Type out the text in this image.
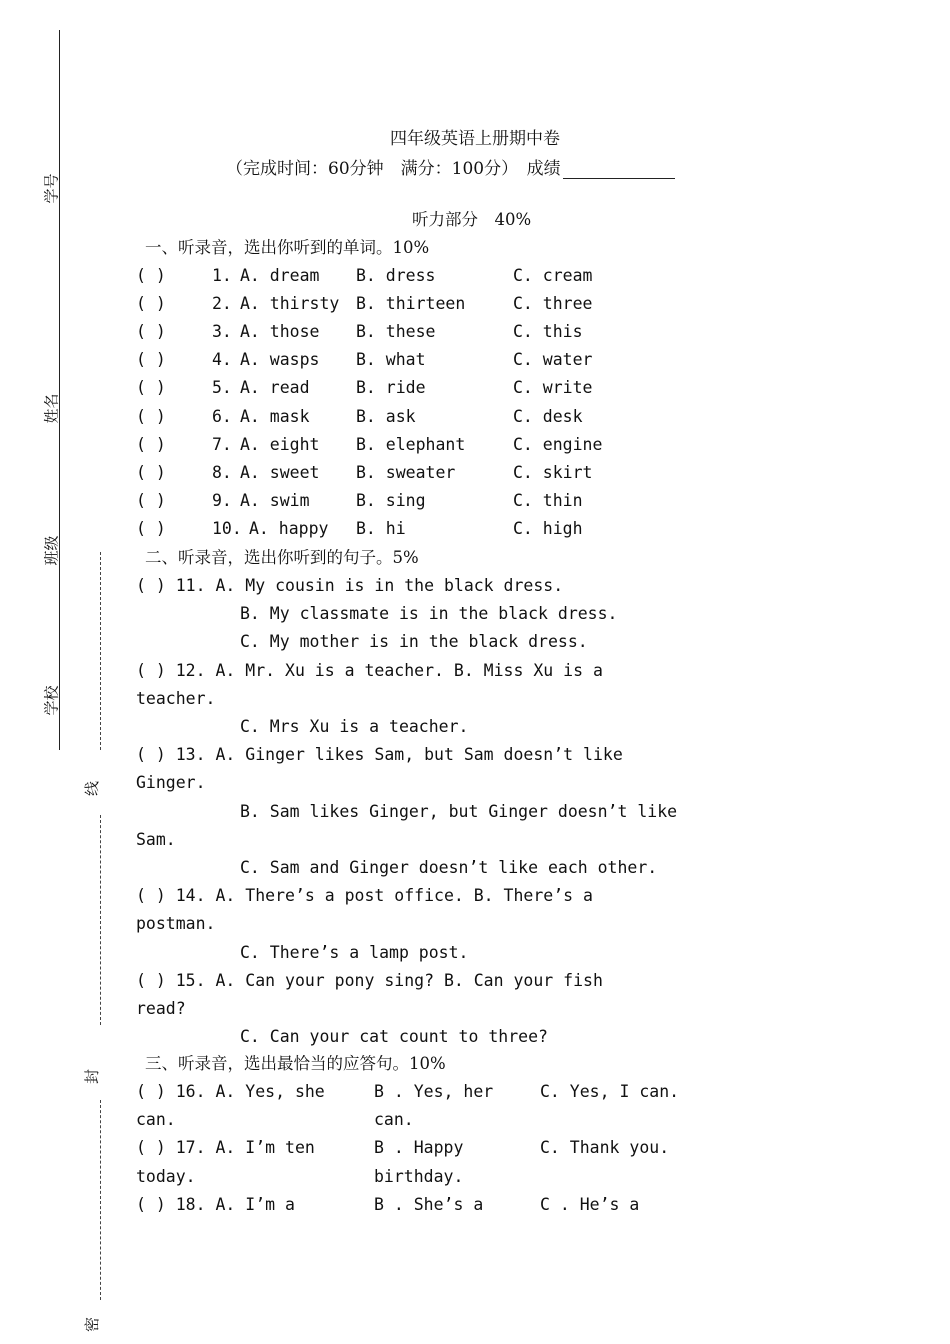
学号
姓名
班级
学校
线
封
密
四年级英语上册期中卷
（完成时间：60分钟　满分：100分）　成绩
听力部分　40%
一、听录音，选出你听到的单词。10%
( )	1. A. dream B. dress	C. cream
( )	2. A. thirsty B. thirteen	C. three
( )	3. A. those B. these	C. this
( )	4. A. wasps B. what	C. water
( )	5. A. read	B. ride	C. write
( )	6. A. mask	B. ask	C. desk
( )	7. A. eight B. elephant	C. engine
( )	8. A. sweet B. sweater	C. skirt
( )	9. A. swim	B. sing	C. thin
( )	10. A. happy B. hi	C. high
二、听录音，选出你听到的句子。5%
( ) 11. A. My cousin is in the black dress.
B. My classmate is in the black dress.
C. My mother is in the black dress.
( ) 12. A. Mr. Xu is a teacher. B. Miss Xu is a
teacher.
C. Mrs Xu is a teacher.
( ) 13. A. Ginger likes Sam, but Sam doesn’t like
Ginger.
B. Sam likes Ginger, but Ginger doesn’t like
Sam.
C. Sam and Ginger doesn’t like each other.
( ) 14. A. There’s a post office. B. There’s a
postman.
C. There’s a lamp post.
( ) 15. A. Can your pony sing? B. Can your fish
read?
C. Can your cat count to three?
三、听录音，选出最恰当的应答句。10%
( ) 16. A. Yes, she	B . Yes, her	C. Yes, I can.
can.	can.
( ) 17. A. I’m ten	B . Happy	C. Thank you.
today.	birthday.
( ) 18. A. I’m a	B . She’s a	C . He’s a
